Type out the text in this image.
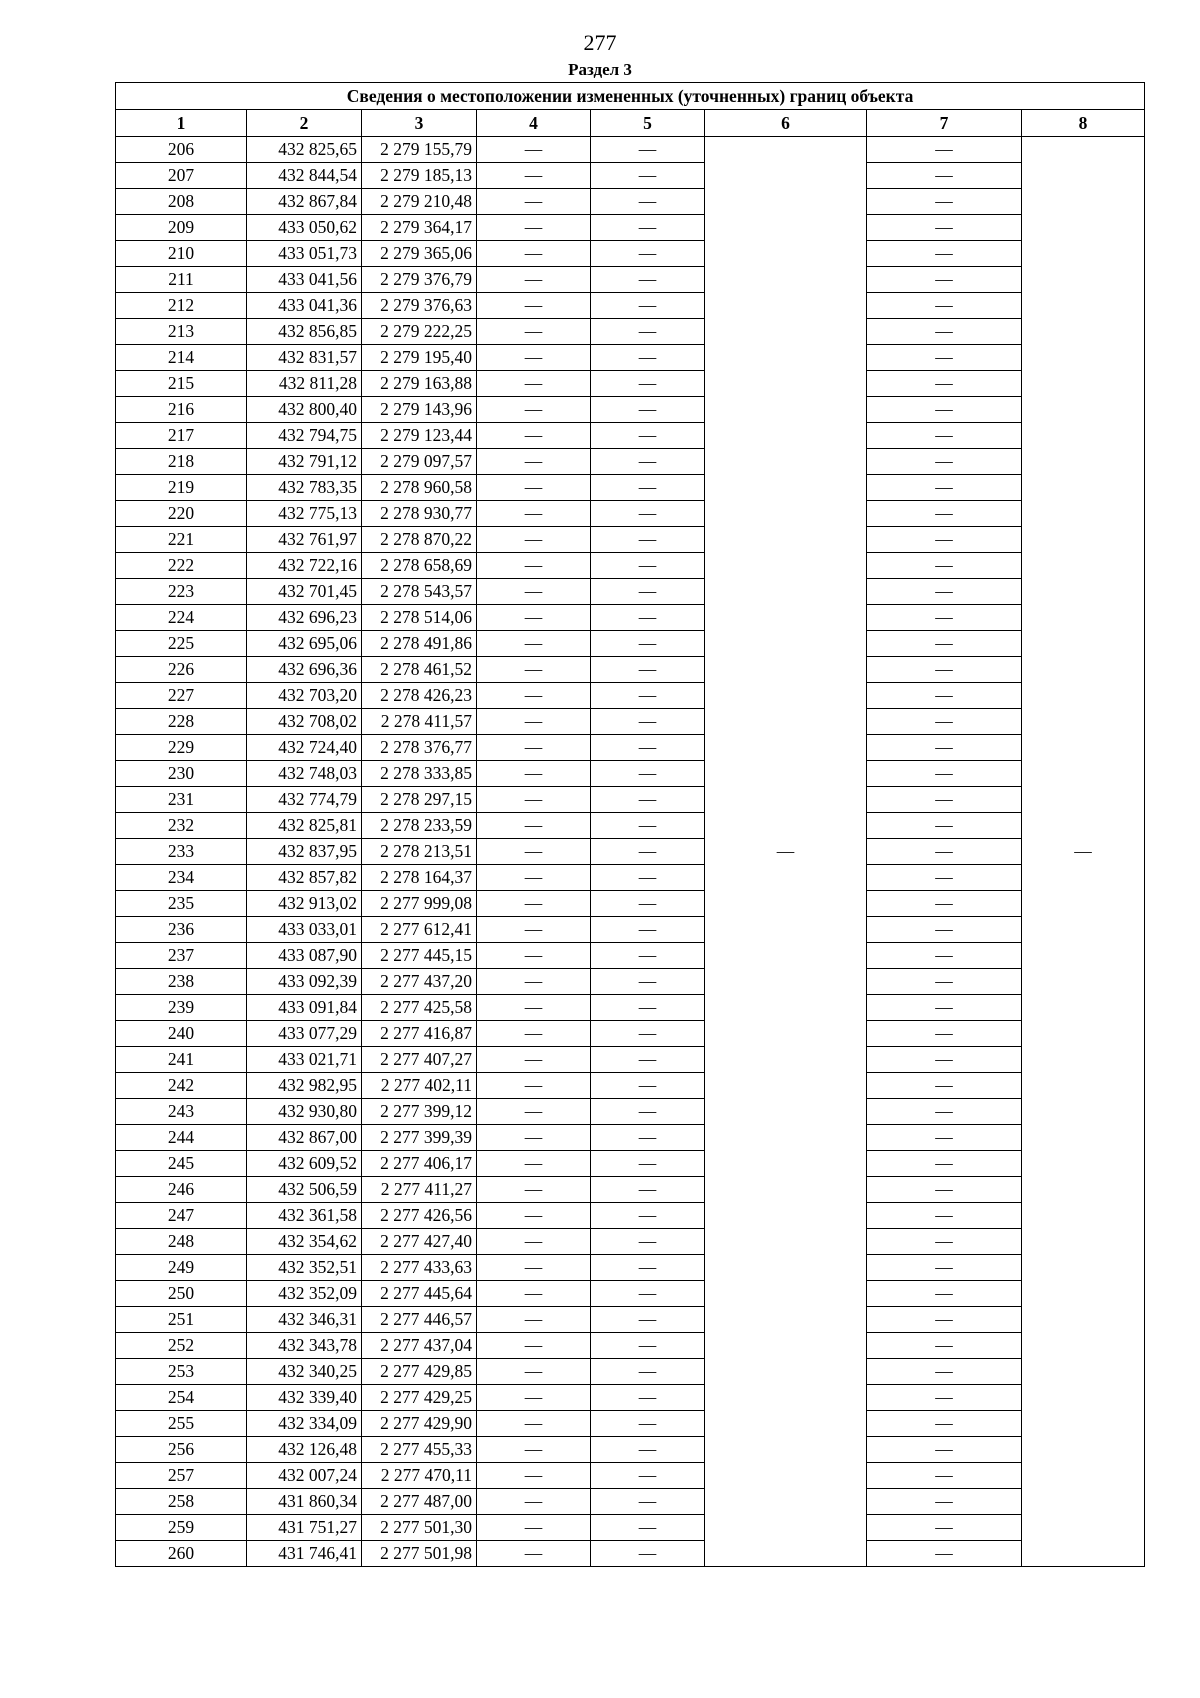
277
Раздел 3
Сведения о местоположении измененных (уточненных) границ объекта							
1	2	3	4	5	6	7	8
206	432 825,65	2 279 155,79	—	—	—	—	—
207	432 844,54	2 279 185,13	—	—		—	
208	432 867,84	2 279 210,48	—	—		—	
209	433 050,62	2 279 364,17	—	—		—	
210	433 051,73	2 279 365,06	—	—		—	
211	433 041,56	2 279 376,79	—	—		—	
212	433 041,36	2 279 376,63	—	—		—	
213	432 856,85	2 279 222,25	—	—		—	
214	432 831,57	2 279 195,40	—	—		—	
215	432 811,28	2 279 163,88	—	—		—	
216	432 800,40	2 279 143,96	—	—		—	
217	432 794,75	2 279 123,44	—	—		—	
218	432 791,12	2 279 097,57	—	—		—	
219	432 783,35	2 278 960,58	—	—		—	
220	432 775,13	2 278 930,77	—	—		—	
221	432 761,97	2 278 870,22	—	—		—	
222	432 722,16	2 278 658,69	—	—		—	
223	432 701,45	2 278 543,57	—	—		—	
224	432 696,23	2 278 514,06	—	—		—	
225	432 695,06	2 278 491,86	—	—		—	
226	432 696,36	2 278 461,52	—	—		—	
227	432 703,20	2 278 426,23	—	—		—	
228	432 708,02	2 278 411,57	—	—		—	
229	432 724,40	2 278 376,77	—	—		—	
230	432 748,03	2 278 333,85	—	—		—	
231	432 774,79	2 278 297,15	—	—		—	
232	432 825,81	2 278 233,59	—	—		—	
233	432 837,95	2 278 213,51	—	—		—	
234	432 857,82	2 278 164,37	—	—		—	
235	432 913,02	2 277 999,08	—	—		—	
236	433 033,01	2 277 612,41	—	—		—	
237	433 087,90	2 277 445,15	—	—		—	
238	433 092,39	2 277 437,20	—	—		—	
239	433 091,84	2 277 425,58	—	—		—	
240	433 077,29	2 277 416,87	—	—		—	
241	433 021,71	2 277 407,27	—	—		—	
242	432 982,95	2 277 402,11	—	—		—	
243	432 930,80	2 277 399,12	—	—		—	
244	432 867,00	2 277 399,39	—	—		—	
245	432 609,52	2 277 406,17	—	—		—	
246	432 506,59	2 277 411,27	—	—		—	
247	432 361,58	2 277 426,56	—	—		—	
248	432 354,62	2 277 427,40	—	—		—	
249	432 352,51	2 277 433,63	—	—		—	
250	432 352,09	2 277 445,64	—	—		—	
251	432 346,31	2 277 446,57	—	—		—	
252	432 343,78	2 277 437,04	—	—		—	
253	432 340,25	2 277 429,85	—	—		—	
254	432 339,40	2 277 429,25	—	—		—	
255	432 334,09	2 277 429,90	—	—		—	
256	432 126,48	2 277 455,33	—	—		—	
257	432 007,24	2 277 470,11	—	—		—	
258	431 860,34	2 277 487,00	—	—		—	
259	431 751,27	2 277 501,30	—	—		—	
260	431 746,41	2 277 501,98	—	—		—	
